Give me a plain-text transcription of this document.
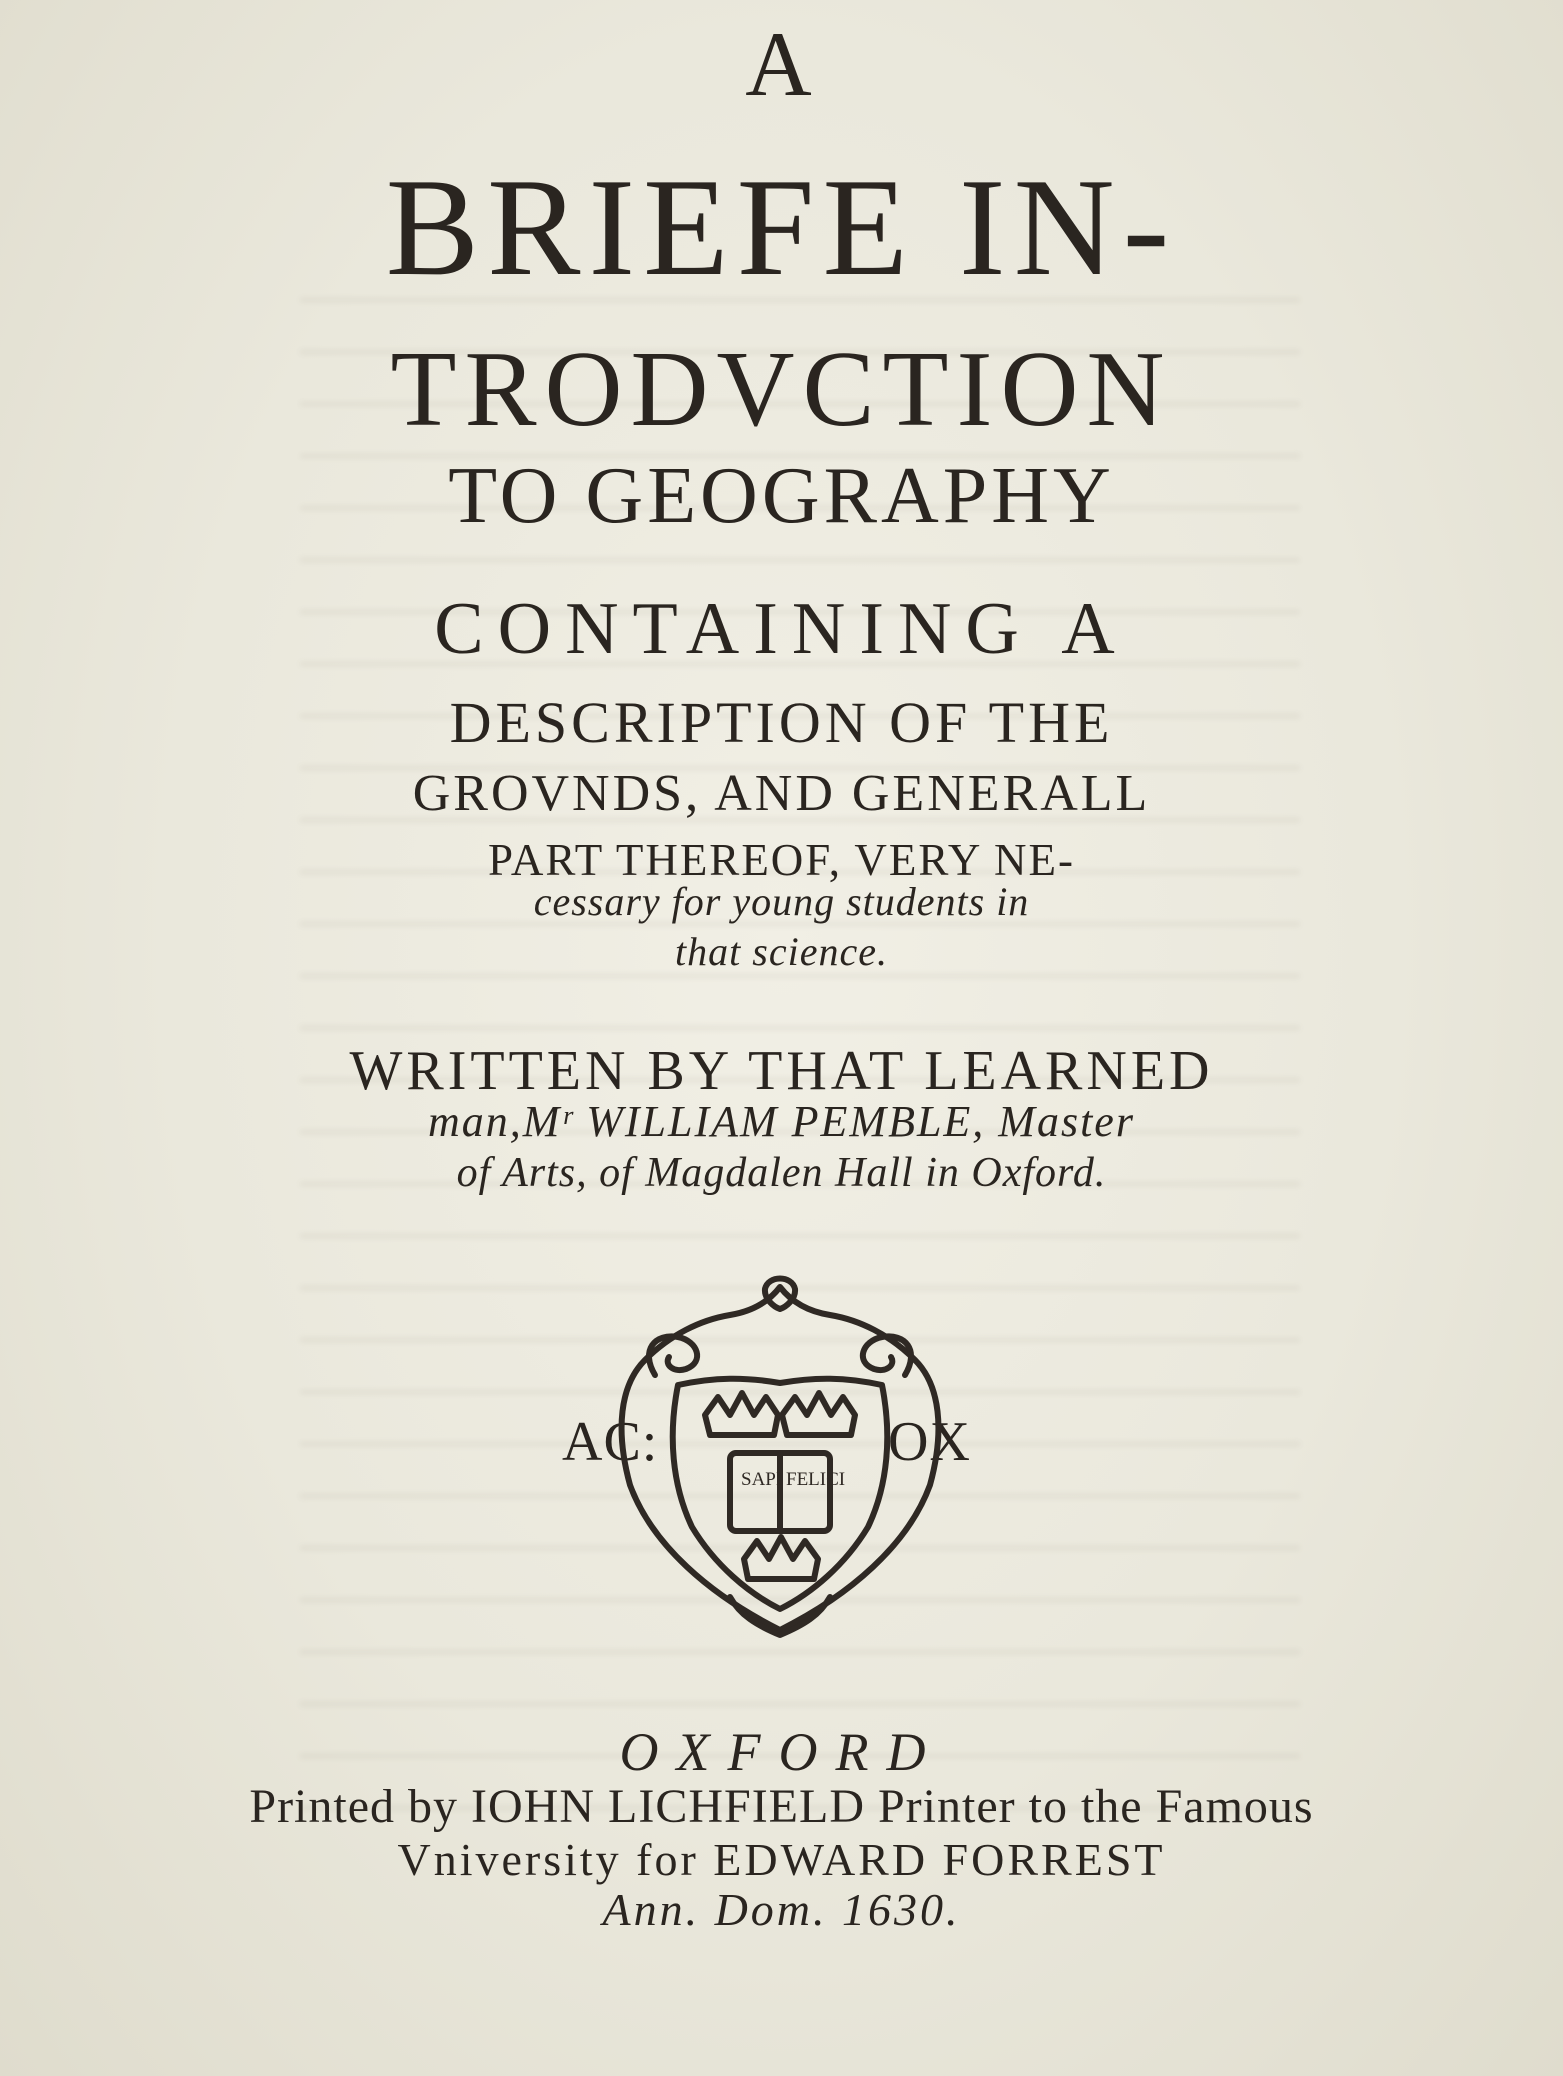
A
BRIEFE IN-
TRODVCTION
TO GEOGRAPHY
CONTAINING A
DESCRIPTION OF THE
GROVNDS, AND GENERALL
PART THEREOF, VERY NE-
cessary for young students in
that science.
WRITTEN BY THAT LEARNED
man,Mʳ WILLIAM PEMBLE, Master
of Arts, of Magdalen Hall in Oxford.
AC:	OX
SAPI FELICI
OXFORD
Printed by IOHN LICHFIELD Printer to the Famous
Vniversity for EDWARD FORREST
Ann. Dom. 1630.
